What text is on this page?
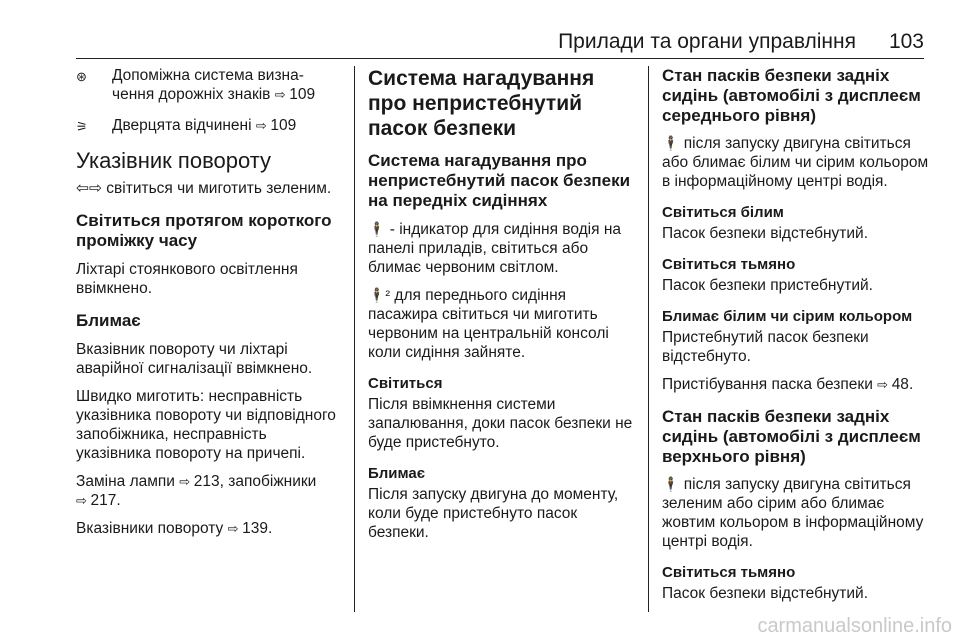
Прилади та органи управління 103
⊛	Допоміжна система визна-чення дорожніх знаків ⇨ 109
⚞	Дверцята відчинені ⇨ 109
Указівник повороту

⇦⇨ світиться чи миготить зеленим.

Світиться протягом короткого проміжку часу

Ліхтарі стоянкового освітлення ввімкнено.

Блимає

Вказівник повороту чи ліхтарі аварійної сигналізації ввімкнено.

Швидко миготить: несправність указівника повороту чи відповідного запобіжника, несправність указівника повороту на причепі.

Заміна лампи ⇨ 213, запобіжники
⇨ 217.

Вказівники повороту ⇨ 139.

Система нагадування про непристебнутий пасок безпеки
Система нагадування про непристебнутий пасок безпеки на передніх сидіннях

🕴 - індикатор для сидіння водія на панелі приладів, світиться або блимає червоним світлом.

🕴² для переднього сидіння пасажира світиться чи миготить червоним на центральній консолі коли сидіння зайняте.

Світиться

Після ввімкнення системи запалювання, доки пасок безпеки не буде пристебнуто.

Блимає

Після запуску двигуна до моменту, коли буде пристебнуто пасок безпеки.

Стан пасків безпеки задніх сидінь (автомобілі з дисплеєм середнього рівня)

🕴 після запуску двигуна світиться або блимає білим чи сірим кольором в інформаційному центрі водія.

Світиться білим

Пасок безпеки відстебнутий.

Світиться тьмяно

Пасок безпеки пристебнутий.

Блимає білим чи сірим кольором

Пристебнутий пасок безпеки відстебнуто.

Пристібування паска безпеки ⇨ 48.

Стан пасків безпеки задніх сидінь (автомобілі з дисплеєм верхнього рівня)

🕴 після запуску двигуна світиться зеленим або сірим або блимає жовтим кольором в інформаційному центрі водія.

Світиться тьмяно

Пасок безпеки відстебнутий.

carmanualsonline.info
